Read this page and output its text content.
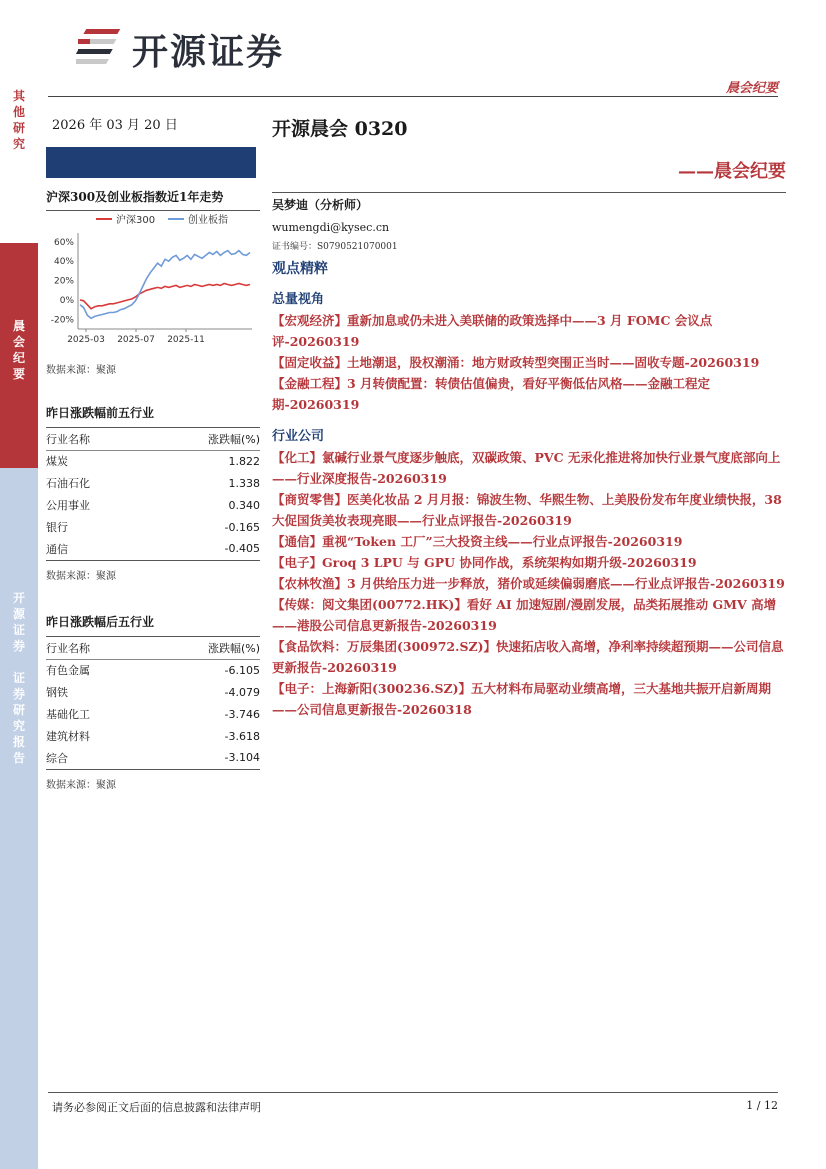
其
他
研
究
晨
会
纪
要
开
源
证
券

证
券
研
究
报
告
开源证券
晨会纪要
2026 年 03 月 20 日	开源晨会 0320
——晨会纪要
沪深300及创业板指数近1年走势
沪深300	创业板指
60%
40%
20%
0%
-20%
2025-03 2025-07 2025-11
数据来源：聚源
昨日涨跌幅前五行业
行业名称	涨跌幅(%)
煤炭	1.822
石油石化	1.338
公用事业	0.340
银行	-0.165
通信	-0.405
数据来源：聚源
昨日涨跌幅后五行业
行业名称	涨跌幅(%)
有色金属	-6.105
钢铁	-4.079
基础化工	-3.746
建筑材料	-3.618
综合	-3.104
数据来源：聚源
吴梦迪（分析师）
wumengdi@kysec.cn
证书编号：S0790521070001
观点精粹
总量视角
【宏观经济】重新加息或仍未进入美联储的政策选择中——3 月 FOMC 会议点评-20260319
【固定收益】土地潮退，股权潮涌：地方财政转型突围正当时——固收专题-20260319
【金融工程】3 月转债配置：转债估值偏贵，看好平衡低估风格——金融工程定期-20260319
行业公司
【化工】氯碱行业景气度逐步触底，双碳政策、PVC 无汞化推进将加快行业景气度底部向上——行业深度报告-20260319
【商贸零售】医美化妆品 2 月月报：锦波生物、华熙生物、上美股份发布年度业绩快报，38 大促国货美妆表现亮眼——行业点评报告-20260319
【通信】重视“Token 工厂”三大投资主线——行业点评报告-20260319
【电子】Groq 3 LPU 与 GPU 协同作战，系统架构如期升级-20260319
【农林牧渔】3 月供给压力进一步释放，猪价或延续偏弱磨底——行业点评报告-20260319
【传媒：阅文集团(00772.HK)】看好 AI 加速短剧/漫剧发展，品类拓展推动 GMV 高增——港股公司信息更新报告-20260319
【食品饮料：万辰集团(300972.SZ)】快速拓店收入高增，净利率持续超预期——公司信息更新报告-20260319
【电子：上海新阳(300236.SZ)】五大材料布局驱动业绩高增，三大基地共振开启新周期——公司信息更新报告-20260318
请务必参阅正文后面的信息披露和法律声明	1 / 12
